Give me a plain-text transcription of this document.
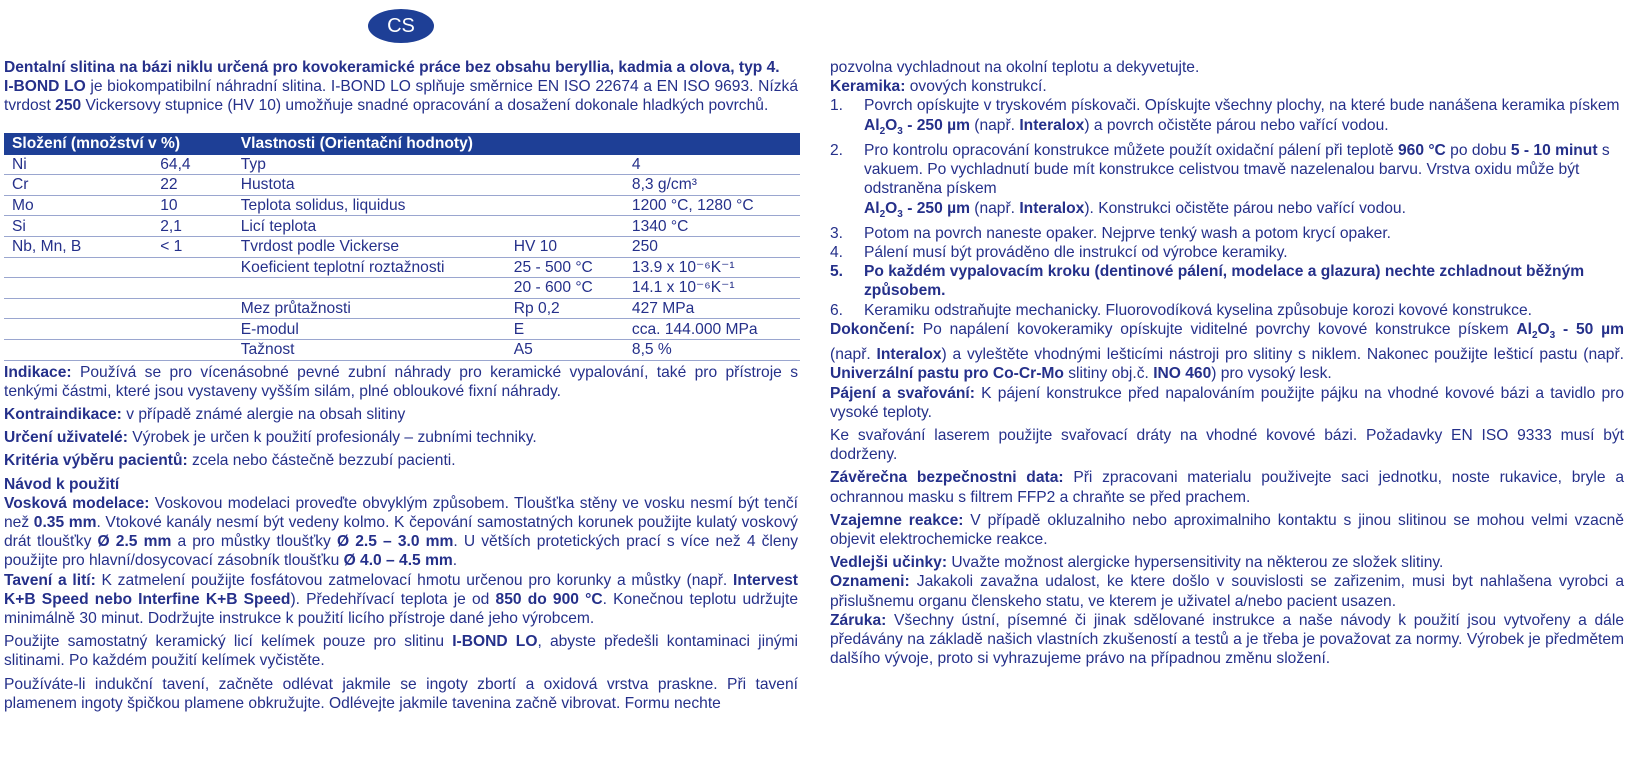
CS

Dentalní slitina na bázi niklu určená pro kovokeramické práce bez obsahu beryllia, kadmia a olova, typ 4.
I-BOND LO je biokompatibilní náhradní slitina. I-BOND LO splňuje směrnice EN ISO 22674 a EN ISO 9693. Nízká tvrdost 250 Vickersovy stupnice (HV 10) umožňuje snadné opracování a dosažení dokonale hladkých povrchů.

Složení (množství v %)		Vlastnosti (Orientační hodnoty)		
Ni	64,4	Typ		4
Cr	22	Hustota		8,3 g/cm³
Mo	10	Teplota solidus, liquidus		1200 °C, 1280 °C
Si	2,1	Licí teplota		1340 °C
Nb, Mn, B	< 1	Tvrdost podle Vickerse	HV 10	250
		Koeficient teplotní roztažnosti	25 - 500 °C	13.9 x 10⁻⁶K⁻¹
			20 - 600 °C	14.1 x 10⁻⁶K⁻¹
		Mez průtažnosti	Rp 0,2	427 MPa
		E-modul	E	cca. 144.000 MPa
		Tažnost	A5	8,5 %

Indikace: Používá se pro vícenásobné pevné zubní náhrady pro keramické vypalování, také pro přístroje s tenkými částmi, které jsou vystaveny vyšším silám, plné obloukové fixní náhrady.

Kontraindikace: v případě známé alergie na obsah slitiny

Určení uživatelé: Výrobek je určen k použití profesionály – zubními techniky.

Kritéria výběru pacientů: zcela nebo částečně bezzubí pacienti.

Návod k použití

Vosková modelace: Voskovou modelaci proveďte obvyklým způsobem. Tloušťka stěny ve vosku nesmí být tenčí než 0.35 mm. Vtokové kanály nesmí být vedeny kolmo. K čepování samostatných korunek použijte kulatý voskový drát tloušťky Ø 2.5 mm a pro můstky tloušťky Ø 2.5 – 3.0 mm. U větších protetických prací s více než 4 členy použijte pro hlavní/dosycovací zásobník tloušťku Ø 4.0 – 4.5 mm.

Tavení a lití: K zatmelení použijte fosfátovou zatmelovací hmotu určenou pro korunky a můstky (např. Intervest K+B Speed nebo Interfine K+B Speed). Předehřívací teplota je od 850 do 900 °C. Konečnou teplotu udržujte minimálně 30 minut. Dodržujte instrukce k použití licího přístroje dané jeho výrobcem.

Použijte samostatný keramický licí kelímek pouze pro slitinu I-BOND LO, abyste předešli kontaminaci jinými slitinami. Po každém použití kelímek vyčistěte.

Používáte-li indukční tavení, začněte odlévat jakmile se ingoty zbortí a oxidová vrstva praskne. Při tavení plamenem ingoty špičkou plamene obkružujte. Odlévejte jakmile tavenina začně vibrovat. Formu nechte

pozvolna vychladnout na okolní teplotu a dekyvetujte.

Keramika: ovových konstrukcí.

1.	Povrch opískujte v tryskovém pískovači. Opískujte všechny plochy, na které bude nanášena keramika pískem
$Al_2O_3 - 250$ µm (např. Interalox) a povrch očistěte párou nebo vařící vodou.
2.	Pro kontrolu opracování konstrukce můžete použít oxidační pálení při teplotě 960 °C po dobu 5 - 10 minut s vakuem. Po vychladnutí bude mít konstrukce celistvou tmavě nazelenalou barvu. Vrstva oxidu může být odstraněna pískem
$Al_2O_3 - 250$ µm (např. Interalox). Konstrukci očistěte párou nebo vařící vodou.
3.	Potom na povrch naneste opaker. Nejprve tenký wash a potom krycí opaker.
4.	Pálení musí být prováděno dle instrukcí od výrobce keramiky.
5.	Po každém vypalovacím kroku (dentinové pálení, modelace a glazura) nechte zchladnout běžným způsobem.
6.	Keramiku odstraňujte mechanicky. Fluorovodíková kyselina způsobuje korozi kovové konstrukce.

Dokončení: Po napálení kovokeramiky opískujte viditelné povrchy kovové konstrukce pískem $Al_2O_3 - 50$ µm (např. Interalox) a vyleštěte vhodnými lešticími nástroji pro slitiny s niklem. Nakonec použijte lešticí pastu (např. Univerzální pastu pro Co-Cr-Mo slitiny obj.č. INO 460) pro vysoký lesk.

Pájení a svařování: K pájení konstrukce před napalováním použijte pájku na vhodné kovové bázi a tavidlo pro vysoké teploty.

Ke svařování laserem použijte svařovací dráty na vhodné kovové bázi. Požadavky EN ISO 9333 musí být dodrženy.

Závěrečna bezpečnostni data: Při zpracovani materialu použivejte saci jednotku, noste rukavice, bryle a ochrannou masku s filtrem FFP2 a chraňte se před prachem.

Vzajemne reakce: V případě okluzalniho nebo aproximalniho kontaktu s jinou slitinou se mohou velmi vzacně objevit elektrochemicke reakce.

Vedlejši učinky: Uvažte možnost alergicke hypersensitivity na některou ze složek slitiny.

Oznameni: Jakakoli zavažna udalost, ke ktere došlo v souvislosti se zařizenim, musi byt nahlašena vyrobci a přislušnemu organu členskeho statu, ve kterem je uživatel a/nebo pacient usazen.

Záruka: Všechny ústní, písemné či jinak sdělované instrukce a naše návody k použití jsou vytvořeny a dále předávány na základě našich vlastních zkušeností a testů a je třeba je považovat za normy. Výrobek je předmětem dalšího vývoje, proto si vyhrazujeme právo na případnou změnu složení.
